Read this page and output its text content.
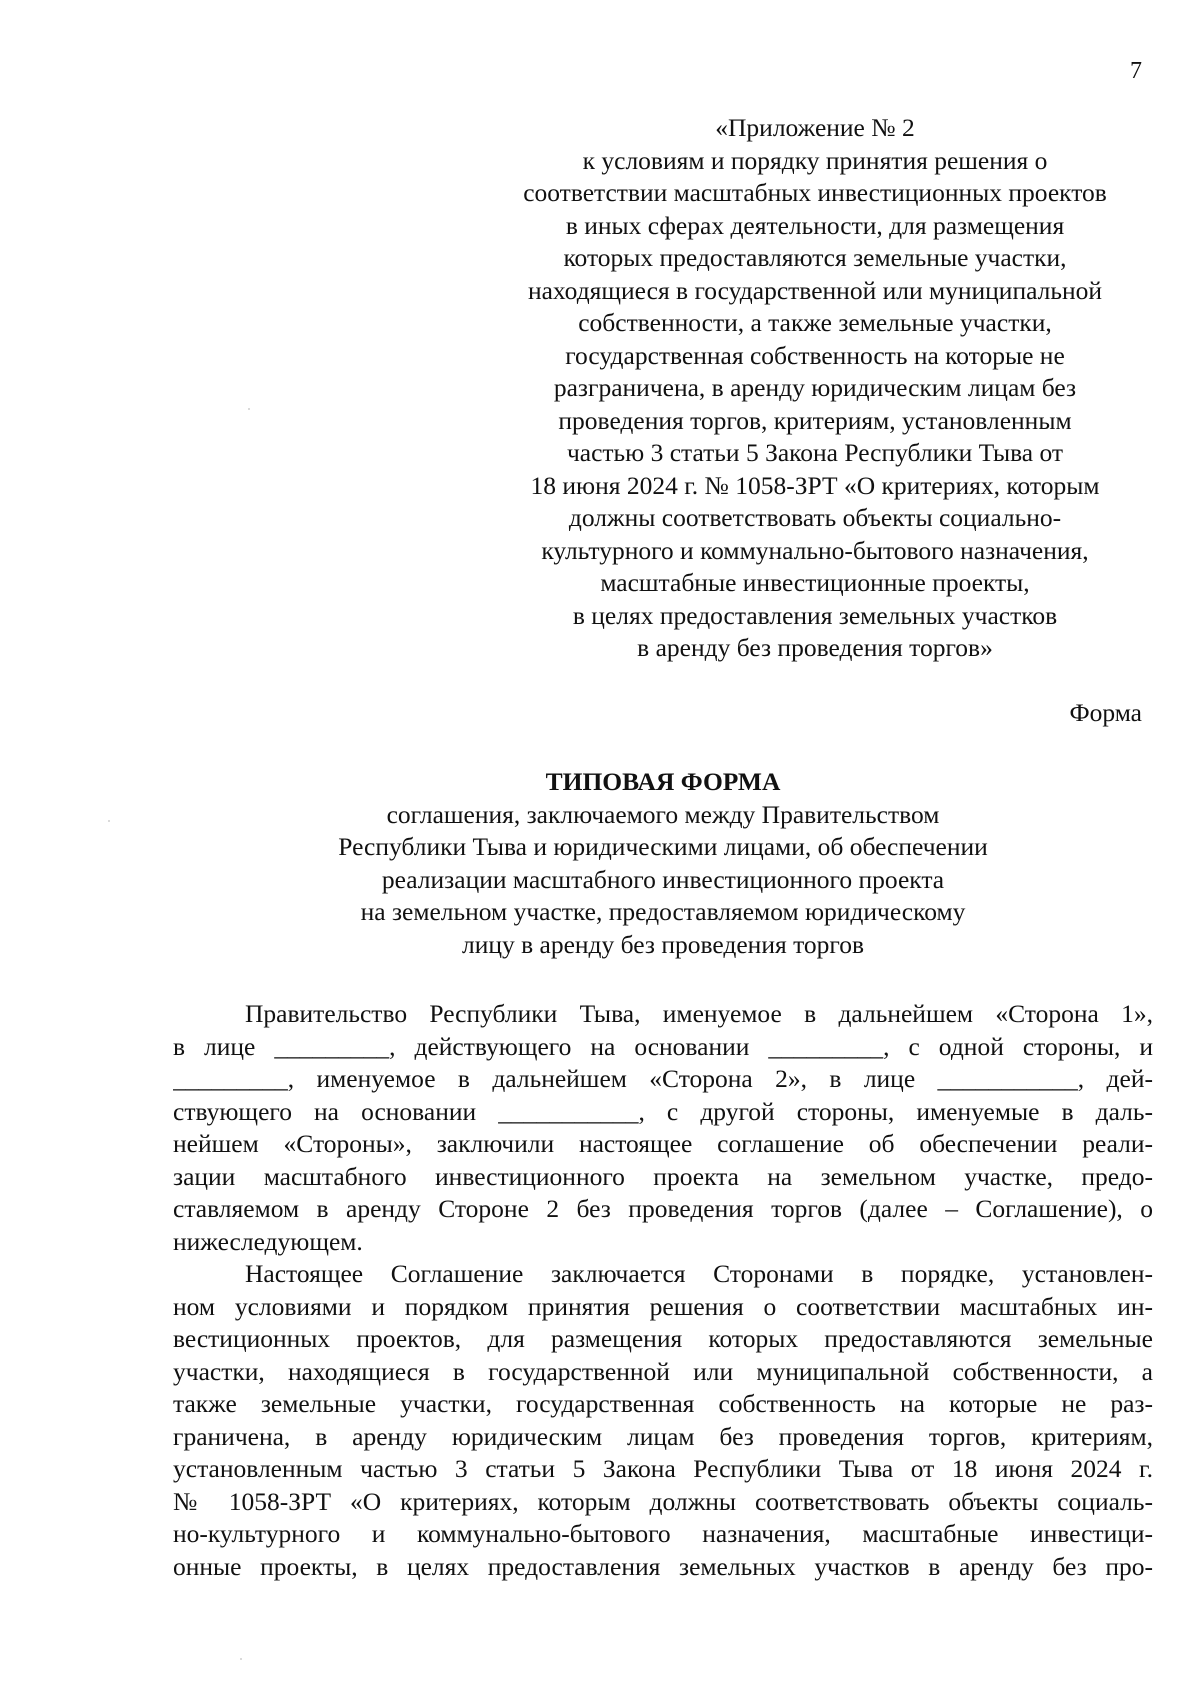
7
«Приложение № 2
к условиям и порядку принятия решения о
соответствии масштабных инвестиционных проектов
в иных сферах деятельности, для размещения
которых предоставляются земельные участки,
находящиеся в государственной или муниципальной
собственности, а также земельные участки,
государственная собственность на которые не
разграничена, в аренду юридическим лицам без
проведения торгов, критериям, установленным
частью 3 статьи 5 Закона Республики Тыва от
18 июня 2024 г. № 1058-ЗРТ «О критериях, которым
должны соответствовать объекты социально-
культурного и коммунально-бытового назначения,
масштабные инвестиционные проекты,
в целях предоставления земельных участков
в аренду без проведения торгов»
Форма
ТИПОВАЯ ФОРМА
соглашения, заключаемого между Правительством
Республики Тыва и юридическими лицами, об обеспечении
реализации масштабного инвестиционного проекта
на земельном участке, предоставляемом юридическому
лицу в аренду без проведения торгов
Правительство Республики Тыва, именуемое в дальнейшем «Сторона 1»,
в лице _________, действующего на основании _________, с одной стороны, и
_________, именуемое в дальнейшем «Сторона 2», в лице ___________, дей-
ствующего на основании ___________, с другой стороны, именуемые в даль-
нейшем «Стороны», заключили настоящее соглашение об обеспечении реали-
зации масштабного инвестиционного проекта на земельном участке, предо-
ставляемом в аренду Стороне 2 без проведения торгов (далее – Соглашение), о
нижеследующем.
Настоящее Соглашение заключается Сторонами в порядке, установлен-
ном условиями и порядком принятия решения о соответствии масштабных ин-
вестиционных проектов, для размещения которых предоставляются земельные
участки, находящиеся в государственной или муниципальной собственности, а
также земельные участки, государственная собственность на которые не раз-
граничена, в аренду юридическим лицам без проведения торгов, критериям,
установленным частью 3 статьи 5 Закона Республики Тыва от 18 июня 2024 г.
№ 1058-ЗРТ «О критериях, которым должны соответствовать объекты социаль-
но-культурного и коммунально-бытового назначения, масштабные инвестици-
онные проекты, в целях предоставления земельных участков в аренду без про-
